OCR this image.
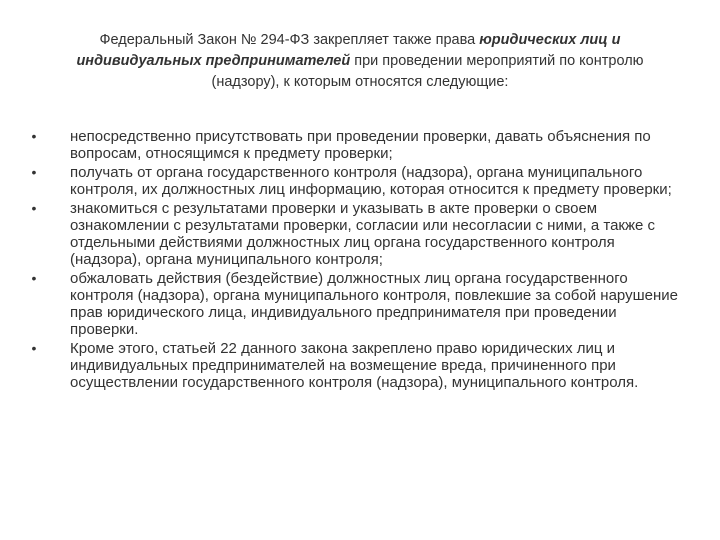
Федеральный Закон № 294-ФЗ закрепляет также права юридических лиц и индивидуальных предпринимателей при проведении мероприятий по контролю (надзору), к которым относятся следующие:

• непосредственно присутствовать при проведении проверки, давать объяснения по вопросам, относящимся к предмету проверки;
• получать от органа государственного контроля (надзора), органа муниципального контроля, их должностных лиц информацию, которая относится к предмету проверки;
• знакомиться с результатами проверки и указывать в акте проверки о своем ознакомлении с результатами проверки, согласии или несогласии с ними, а также с отдельными действиями должностных лиц органа государственного контроля (надзора), органа муниципального контроля;
• обжаловать действия (бездействие) должностных лиц органа государственного контроля (надзора), органа муниципального контроля, повлекшие за собой нарушение прав юридического лица, индивидуального предпринимателя при проведении проверки.
• Кроме этого, статьей 22 данного закона закреплено право юридических лиц и индивидуальных предпринимателей на возмещение вреда, причиненного при осуществлении государственного контроля (надзора), муниципального контроля.
